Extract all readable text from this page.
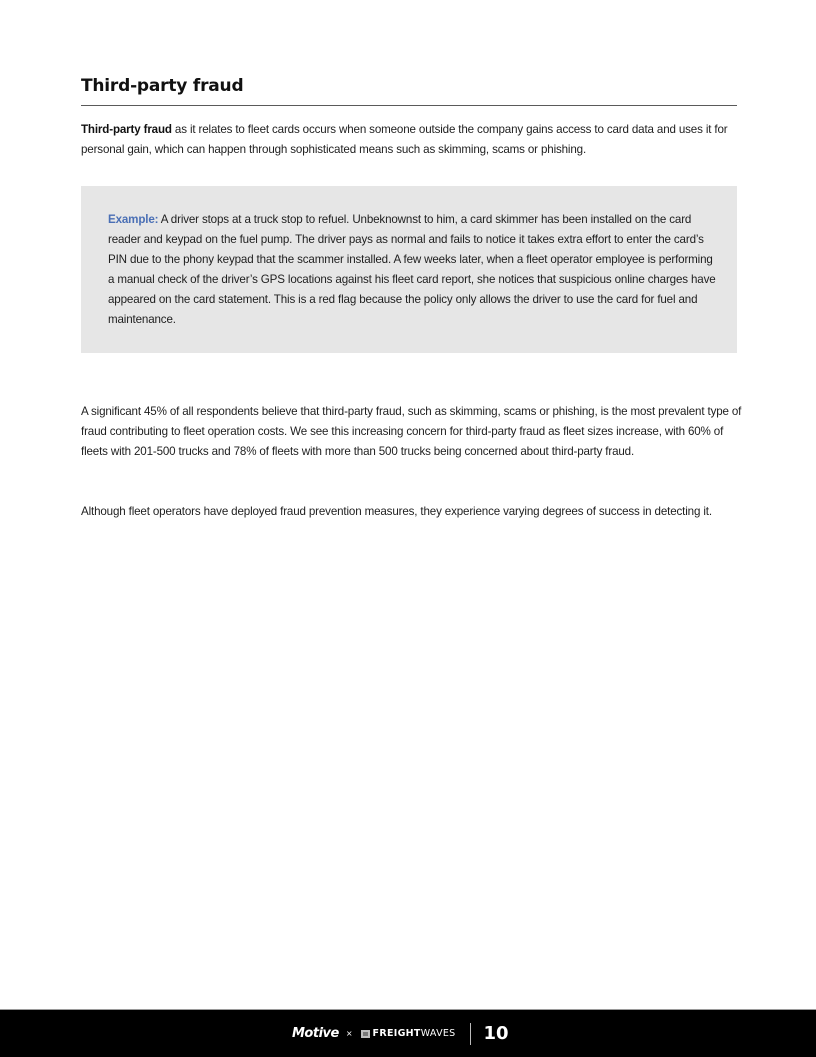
Third-party fraud

Third-party fraud as it relates to fleet cards occurs when someone outside the company gains access to card data and uses it for personal gain, which can happen through sophisticated means such as skimming, scams or phishing.

Example: A driver stops at a truck stop to refuel. Unbeknownst to him, a card skimmer has been installed on the card reader and keypad on the fuel pump. The driver pays as normal and fails to notice it takes extra effort to enter the card’s PIN due to the phony keypad that the scammer installed. A few weeks later, when a fleet operator employee is performing a manual check of the driver’s GPS locations against his fleet card report, she notices that suspicious online charges have appeared on the card statement. This is a red flag because the policy only allows the driver to use the card for fuel and maintenance.

A significant 45% of all respondents believe that third-party fraud, such as skimming, scams or phishing, is the most prevalent type of fraud contributing to fleet operation costs. We see this increasing concern for third-party fraud as fleet sizes increase, with 60% of fleets with 201-500 trucks and 78% of fleets with more than 500 trucks being concerned about third-party fraud.

Although fleet operators have deployed fraud prevention measures, they experience varying degrees of success in detecting it.

Motive × FREIGHT WAVES 10
